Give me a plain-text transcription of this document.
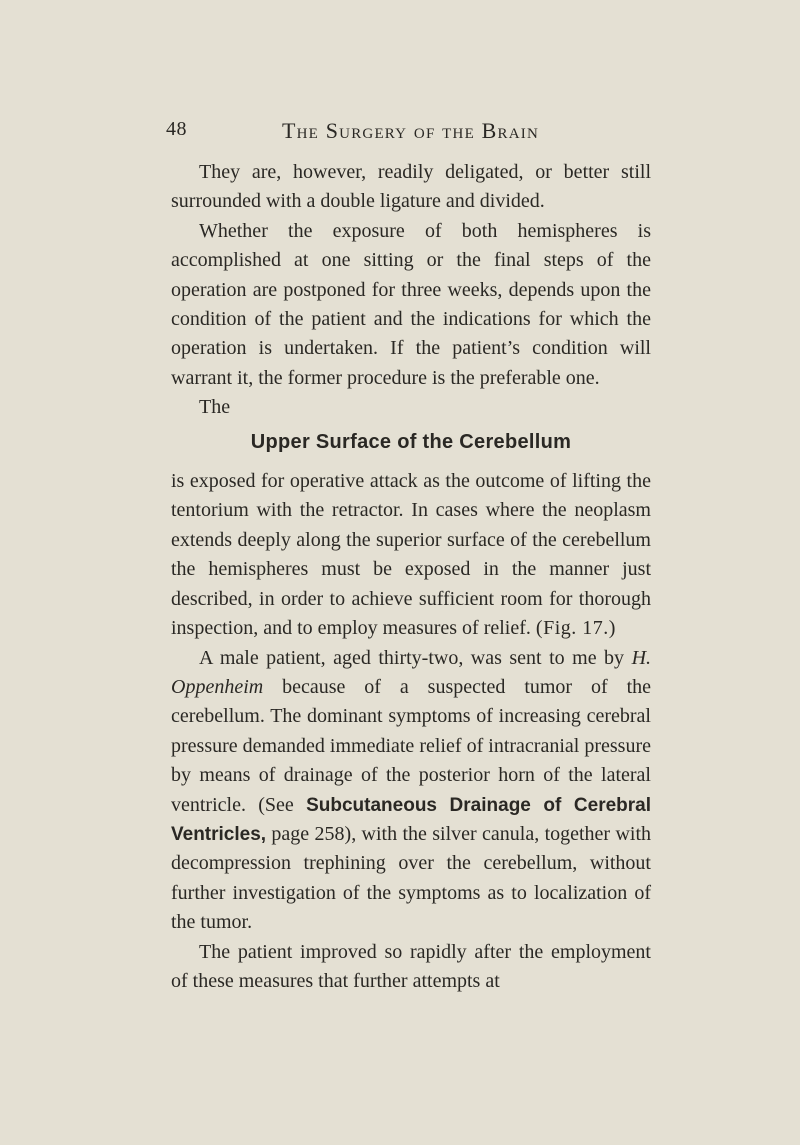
48	The Surgery of the Brain

They are, however, readily deligated, or better still surrounded with a double ligature and divided.

Whether the exposure of both hemispheres is accomplished at one sitting or the final steps of the operation are postponed for three weeks, depends upon the condition of the patient and the indications for which the operation is undertaken. If the patient’s condition will warrant it, the former procedure is the preferable one.

The

Upper Surface of the Cerebellum

is exposed for operative attack as the outcome of lifting the tentorium with the retractor. In cases where the neoplasm extends deeply along the superior surface of the cerebellum the hemispheres must be exposed in the manner just described, in order to achieve sufficient room for thorough inspection, and to employ measures of relief. (Fig. 17.)

A male patient, aged thirty-two, was sent to me by H. Oppenheim because of a suspected tumor of the cerebellum. The dominant symptoms of increasing cerebral pressure demanded immediate relief of intracranial pressure by means of drainage of the posterior horn of the lateral ventricle. (See Subcutaneous Drainage of Cerebral Ventricles, page 258), with the silver canula, together with decompression trephining over the cerebellum, without further investigation of the symptoms as to localization of the tumor.

The patient improved so rapidly after the employment of these measures that further attempts at
